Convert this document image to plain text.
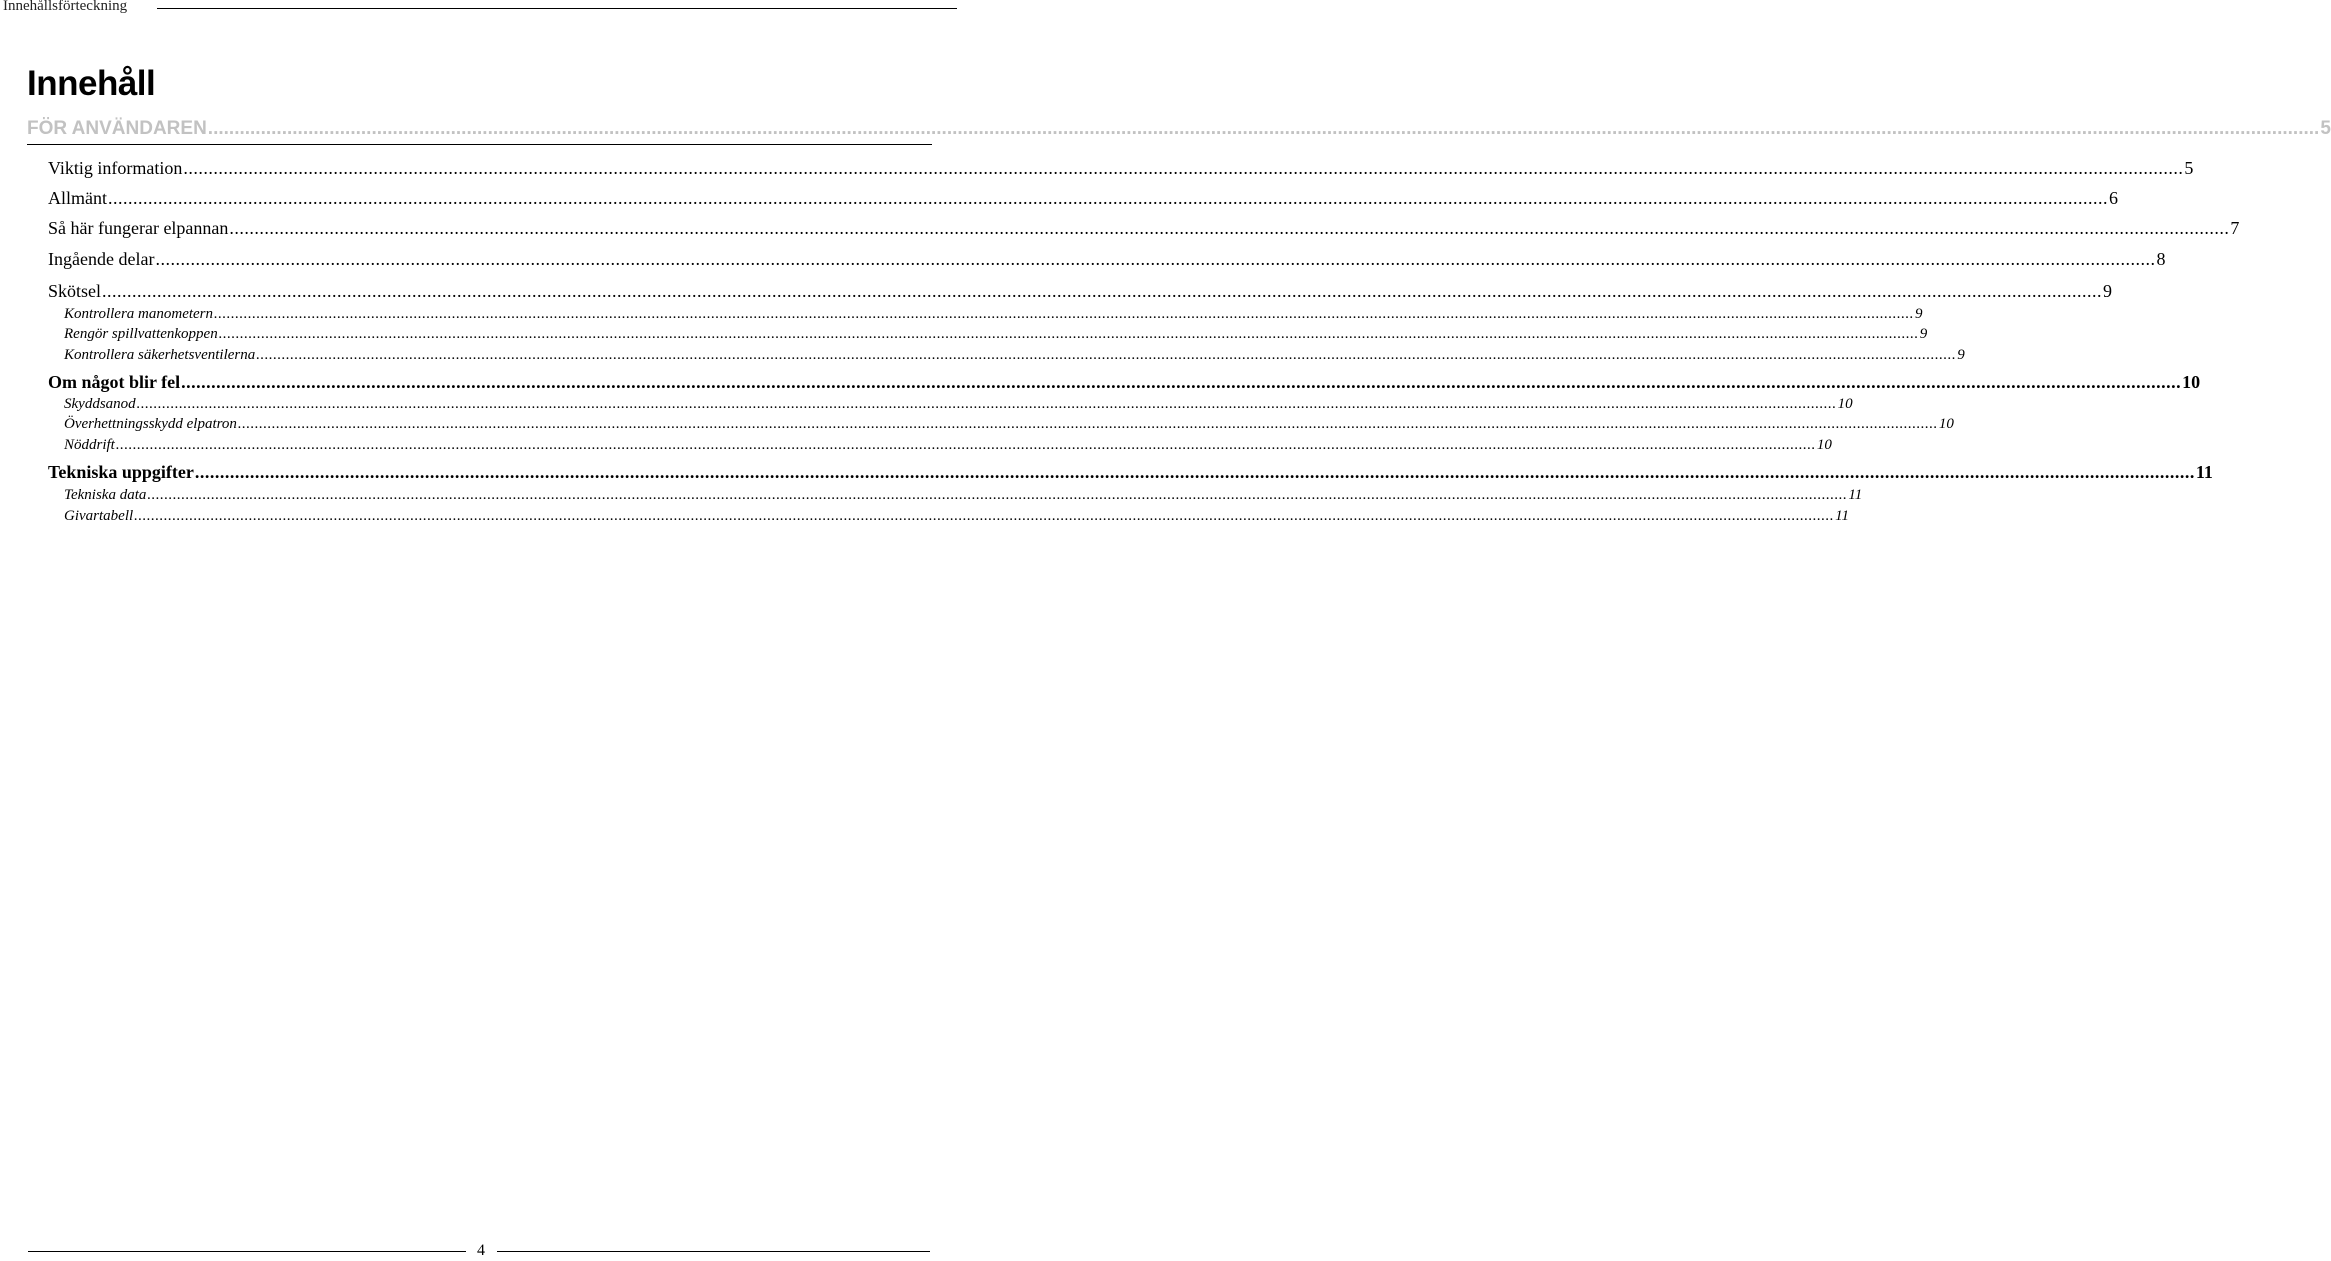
Innehållsförteckning
Innehåll
FÖR ANVÄNDAREN ................................................................................................................................................................................................................................................................................................................................................................................................................ 5
Viktig information ................................................................................................................................................................................................................................................................................................................................................................................................................ 5
Allmänt ................................................................................................................................................................................................................................................................................................................................................................................................................ 6
Så här fungerar elpannan ................................................................................................................................................................................................................................................................................................................................................................................................................ 7
Ingående delar ................................................................................................................................................................................................................................................................................................................................................................................................................ 8
Skötsel ................................................................................................................................................................................................................................................................................................................................................................................................................ 9
Kontrollera manometern ................................................................................................................................................................................................................................................................................................................................................................................................................ 9
Rengör spillvattenkoppen ................................................................................................................................................................................................................................................................................................................................................................................................................ 9
Kontrollera säkerhetsventilerna ................................................................................................................................................................................................................................................................................................................................................................................................................ 9
Om något blir fel ................................................................................................................................................................................................................................................................................................................................................................................................................ 10
Skyddsanod ................................................................................................................................................................................................................................................................................................................................................................................................................ 10
Överhettningsskydd elpatron ................................................................................................................................................................................................................................................................................................................................................................................................................ 10
Nöddrift ................................................................................................................................................................................................................................................................................................................................................................................................................ 10
Tekniska uppgifter ................................................................................................................................................................................................................................................................................................................................................................................................................ 11
Tekniska data ................................................................................................................................................................................................................................................................................................................................................................................................................ 11
Givartabell ................................................................................................................................................................................................................................................................................................................................................................................................................ 11
4
